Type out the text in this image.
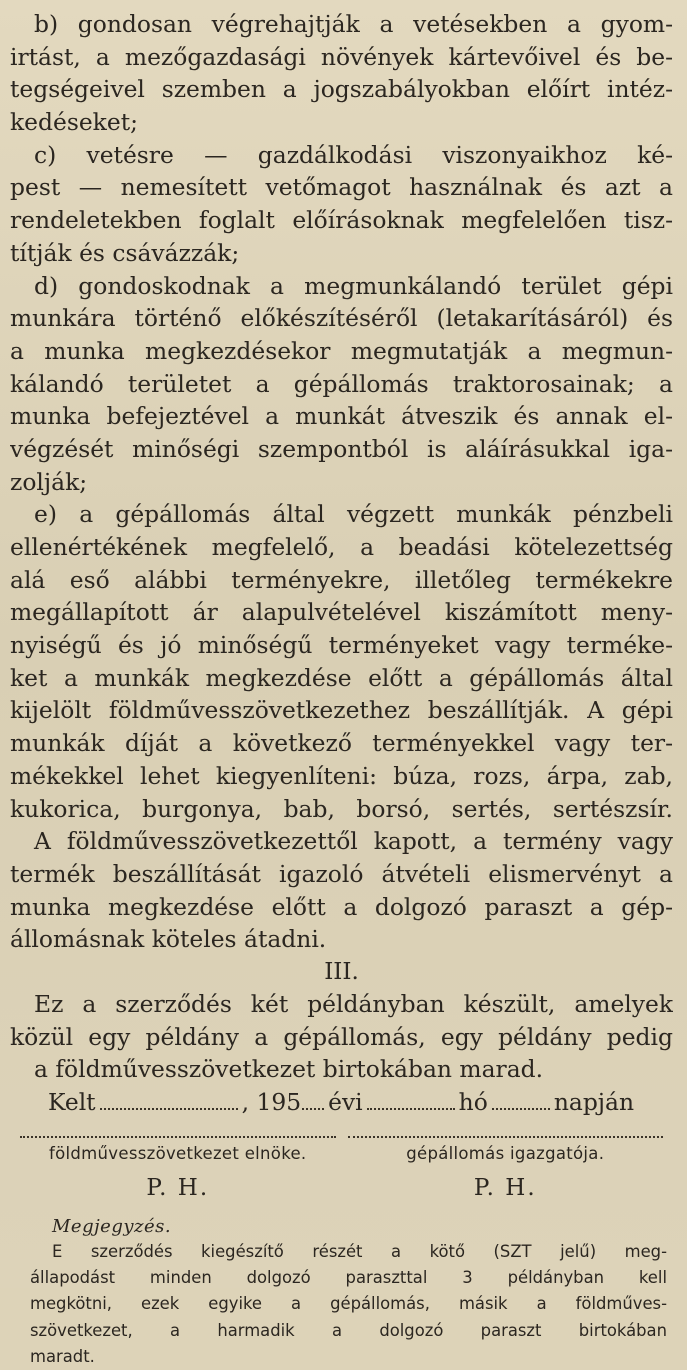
b) gondosan végrehajtják a vetésekben a gyom-
irtást, a mezőgazdasági növények kártevőivel és be-
tegségeivel szemben a jogszabályokban előírt intéz-
kedéseket;
c) vetésre — gazdálkodási viszonyaikhoz ké-
pest — nemesített vetőmagot használnak és azt a
rendeletekben foglalt előírásoknak megfelelően tisz-
títják és csávázzák;
d) gondoskodnak a megmunkálandó terület gépi
munkára történő előkészítéséről (letakarításáról) és
a munka megkezdésekor megmutatják a megmun-
kálandó területet a gépállomás traktorosainak; a
munka befejeztével a munkát átveszik és annak el-
végzését minőségi szempontból is aláírásukkal iga-
zolják;
e) a gépállomás által végzett munkák pénzbeli
ellenértékének megfelelő, a beadási kötelezettség
alá eső alábbi terményekre, illetőleg termékekre
megállapított ár alapulvételével kiszámított meny-
nyiségű és jó minőségű terményeket vagy terméke-
ket a munkák megkezdése előtt a gépállomás által
kijelölt földművesszövetkezethez beszállítják. A gépi
munkák díját a következő terményekkel vagy ter-
mékekkel lehet kiegyenlíteni: búza, rozs, árpa, zab,
kukorica, burgonya, bab, borsó, sertés, sertészsír.
A földművesszövetkezettől kapott, a termény vagy
termék beszállítását igazoló átvételi elismervényt a
munka megkezdése előtt a dolgozó paraszt a gép-
állomásnak köteles átadni.
III.
Ez a szerződés két példányban készült, amelyek
közül egy példány a gépállomás, egy példány pedig
a földművesszövetkezet birtokában marad.
Kelt	, 195 évi	hó	napján
földművesszövetkezet elnöke.
P. H.
gépállomás igazgatója.
P. H.
Megjegyzés.
E szerződés kiegészítő részét a kötő (SZT jelű) meg-
állapodást minden dolgozó paraszttal 3 példányban kell
megkötni, ezek egyike a gépállomás, másik a földműves-
szövetkezet, a harmadik a dolgozó paraszt birtokában
maradt.
